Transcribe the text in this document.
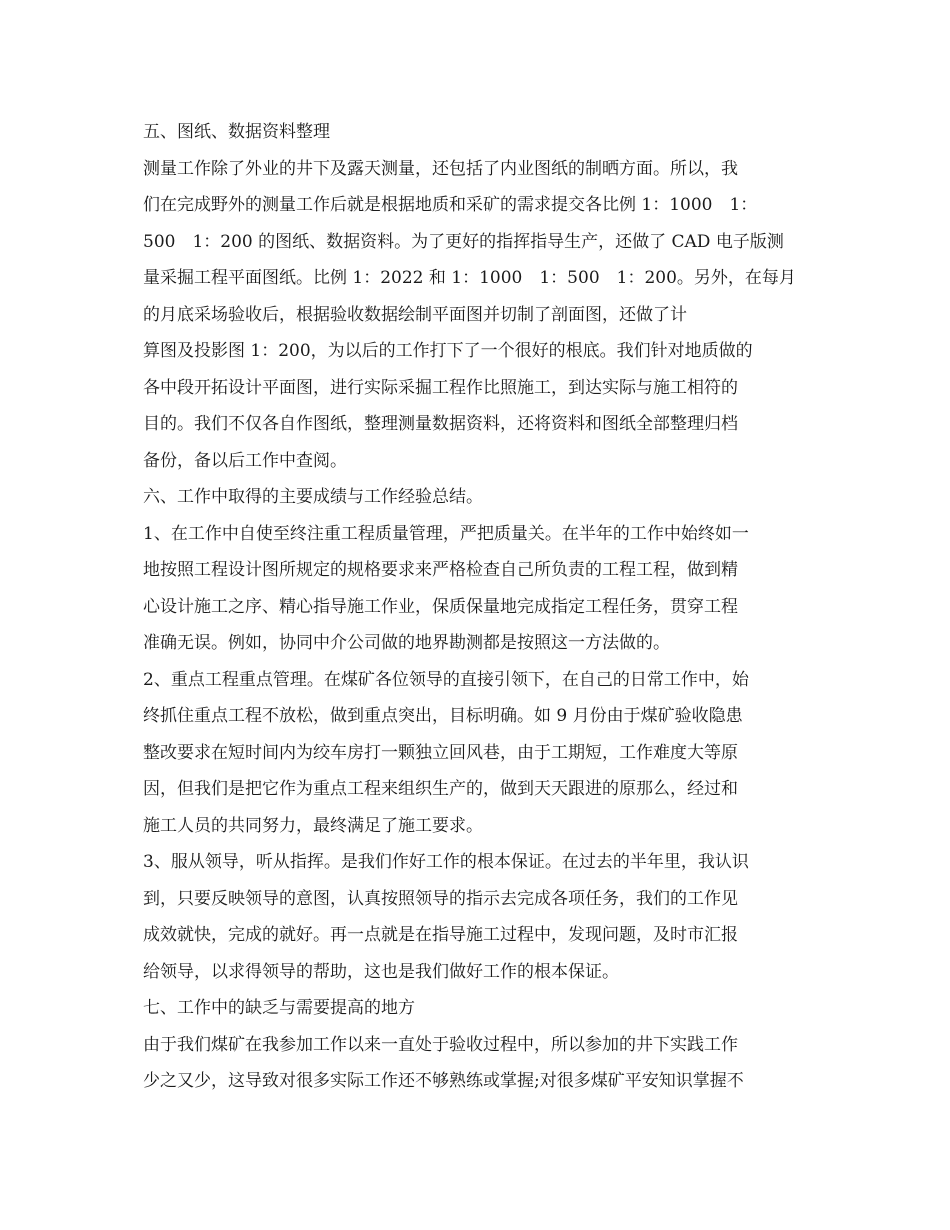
五、图纸、数据资料整理
测量工作除了外业的井下及露天测量，还包括了内业图纸的制晒方面。所以，我
们在完成野外的测量工作后就是根据地质和采矿的需求提交各比例 1：1000　1：
500　1：200 的图纸、数据资料。为了更好的指挥指导生产，还做了 CAD 电子版测
量采掘工程平面图纸。比例 1：2022 和 1：1000　1：500　1：200。另外，在每月
的月底采场验收后，根据验收数据绘制平面图并切制了剖面图，还做了计
算图及投影图 1：200，为以后的工作打下了一个很好的根底。我们针对地质做的
各中段开拓设计平面图，进行实际采掘工程作比照施工，到达实际与施工相符的
目的。我们不仅各自作图纸，整理测量数据资料，还将资料和图纸全部整理归档
备份，备以后工作中查阅。
六、工作中取得的主要成绩与工作经验总结。
1、在工作中自使至终注重工程质量管理，严把质量关。在半年的工作中始终如一
地按照工程设计图所规定的规格要求来严格检查自己所负责的工程工程，做到精
心设计施工之序、精心指导施工作业，保质保量地完成指定工程任务，贯穿工程
准确无误。例如，协同中介公司做的地界勘测都是按照这一方法做的。
2、重点工程重点管理。在煤矿各位领导的直接引领下，在自己的日常工作中，始
终抓住重点工程不放松，做到重点突出，目标明确。如 9 月份由于煤矿验收隐患
整改要求在短时间内为绞车房打一颗独立回风巷，由于工期短，工作难度大等原
因，但我们是把它作为重点工程来组织生产的，做到天天跟进的原那么，经过和
施工人员的共同努力，最终满足了施工要求。
3、服从领导，听从指挥。是我们作好工作的根本保证。在过去的半年里，我认识
到，只要反映领导的意图，认真按照领导的指示去完成各项任务，我们的工作见
成效就快，完成的就好。再一点就是在指导施工过程中，发现问题，及时市汇报
给领导，以求得领导的帮助，这也是我们做好工作的根本保证。
七、工作中的缺乏与需要提高的地方
由于我们煤矿在我参加工作以来一直处于验收过程中，所以参加的井下实践工作
少之又少，这导致对很多实际工作还不够熟练或掌握;对很多煤矿平安知识掌握不
